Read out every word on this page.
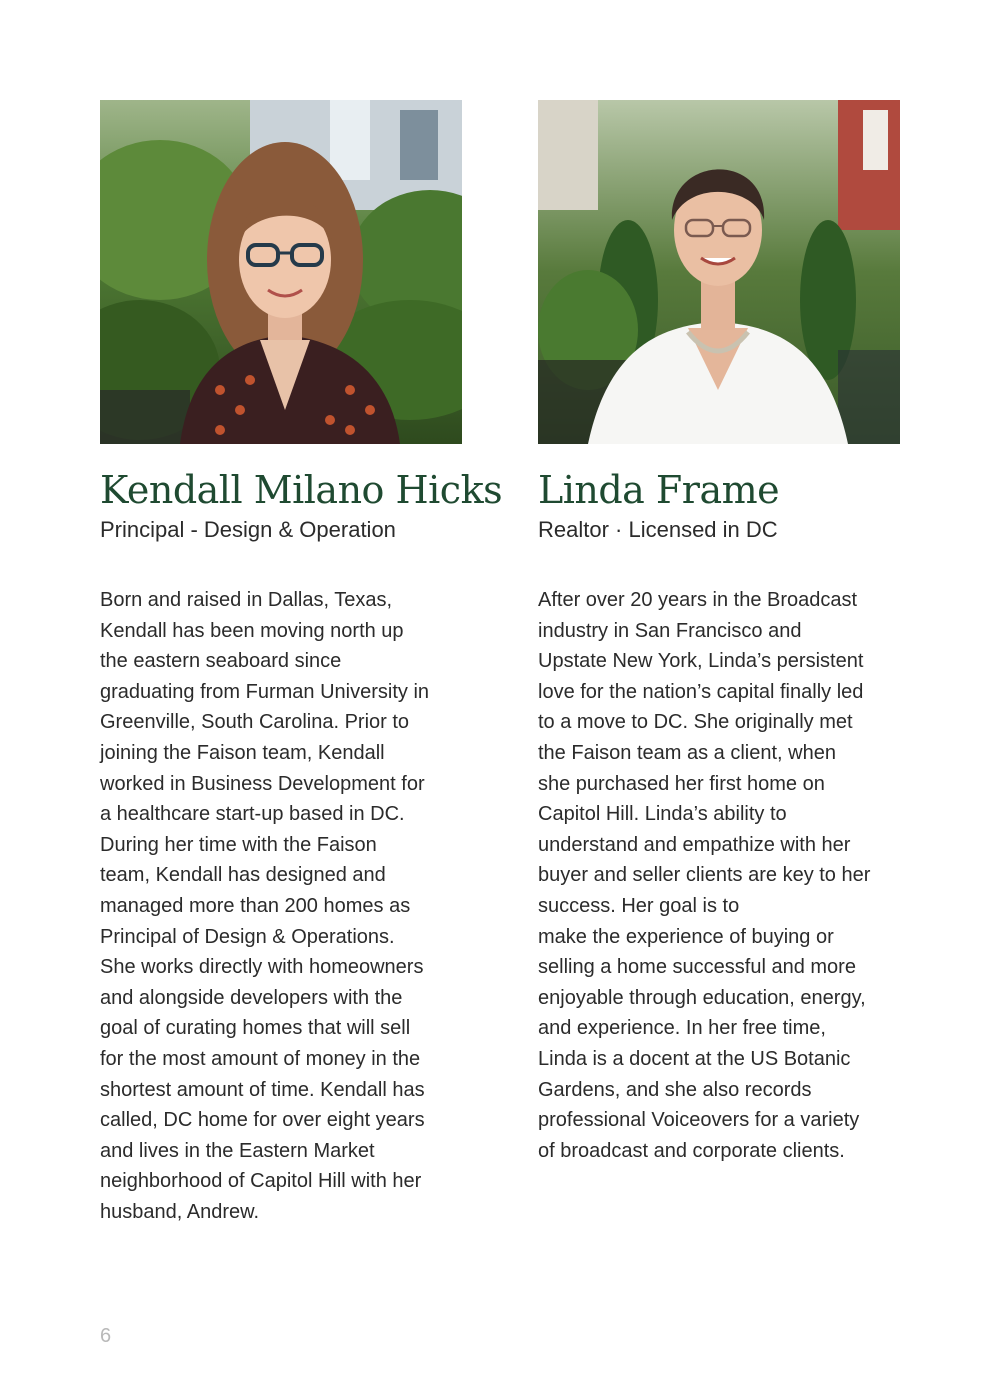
Kendall Milano Hicks

Principal - Design & Operation

Born and raised in Dallas, Texas,
Kendall has been moving north up
the eastern seaboard since
graduating from Furman University in
Greenville, South Carolina. Prior to
joining the Faison team, Kendall
worked in Business Development for
a healthcare start-up based in DC.
During her time with the Faison
team, Kendall has designed and
managed more than 200 homes as
Principal of Design & Operations.
She works directly with homeowners
and alongside developers with the
goal of curating homes that will sell
for the most amount of money in the
shortest amount of time. Kendall has
called, DC home for over eight years
and lives in the Eastern Market
neighborhood of Capitol Hill with her
husband, Andrew.

Linda Frame

Realtor · Licensed in DC

After over 20 years in the Broadcast
industry in San Francisco and
Upstate New York, Linda’s persistent
love for the nation’s capital finally led
to a move to DC. She originally met
the Faison team as a client, when
she purchased her first home on
Capitol Hill. Linda’s ability to
understand and empathize with her
buyer and seller clients are key to her
success. Her goal is to
make the experience of buying or
selling a home successful and more
enjoyable through education, energy,
and experience. In her free time,
Linda is a docent at the US Botanic
Gardens, and she also records
professional Voiceovers for a variety
of broadcast and corporate clients.

6
